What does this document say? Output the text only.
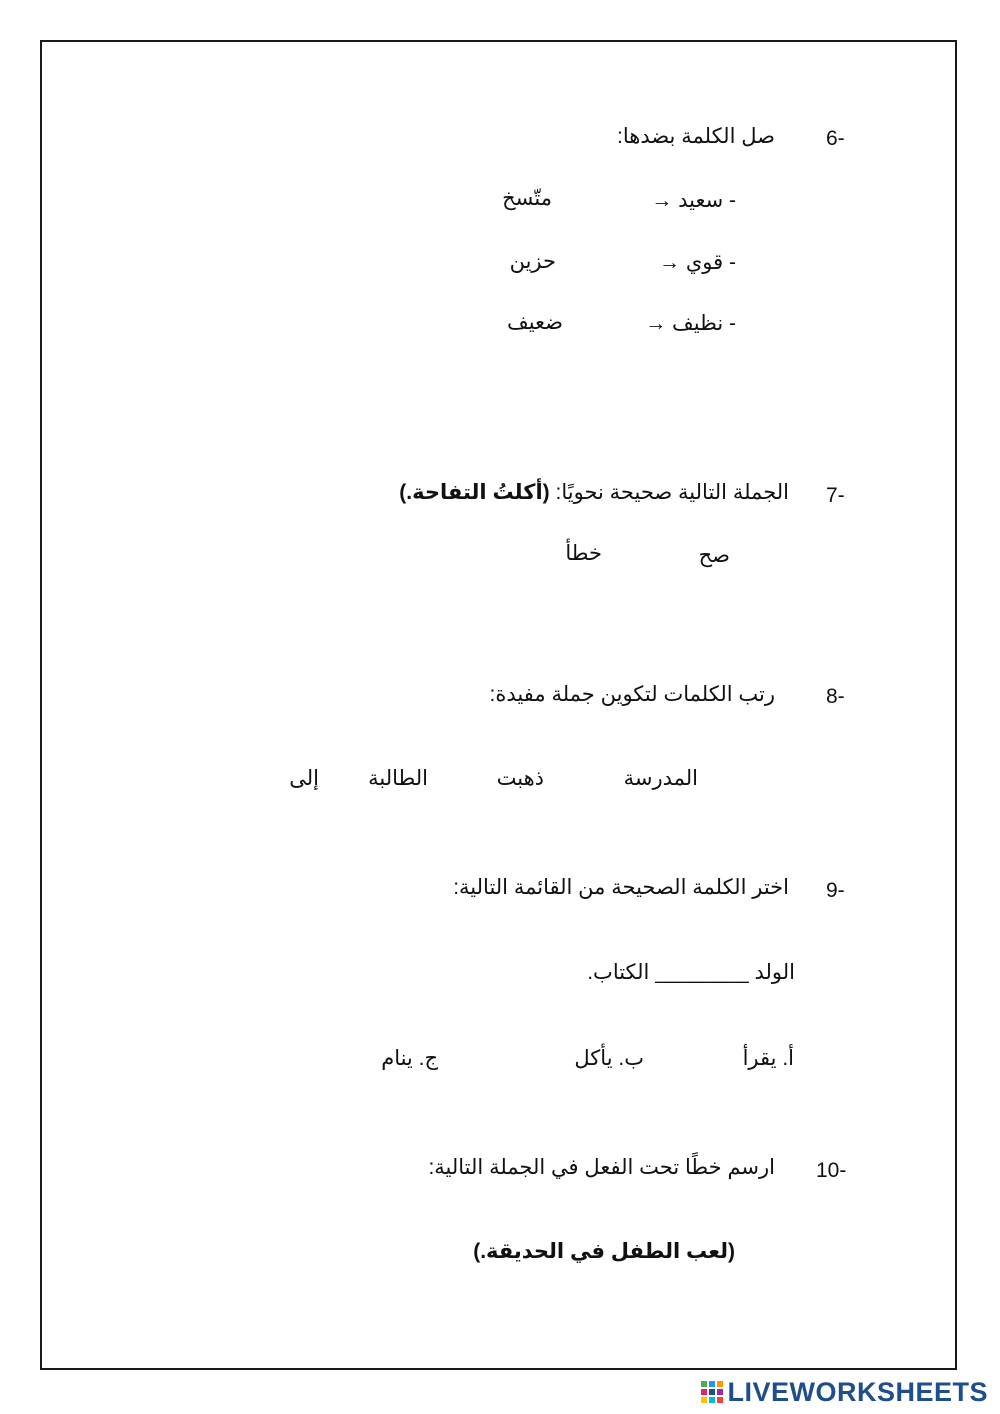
6-
صل الكلمة بضدها:
- سعيد →
متّسخ
- قوي →
حزين
- نظيف →
ضعيف
7-
الجملة التالية صحيحة نحويًا: (أكلتُ التفاحة.)
صح
خطأ
8-
رتب الكلمات لتكوين جملة مفيدة:
المدرسة
ذهبت
الطالبة
إلى
9-
اختر الكلمة الصحيحة من القائمة التالية:
الولد ________ الكتاب.
أ. يقرأ
ب. يأكل
ج. ينام
10-
ارسم خطًا تحت الفعل في الجملة التالية:
(لعب الطفل في الحديقة.)
LIVEWORKSHEETS
